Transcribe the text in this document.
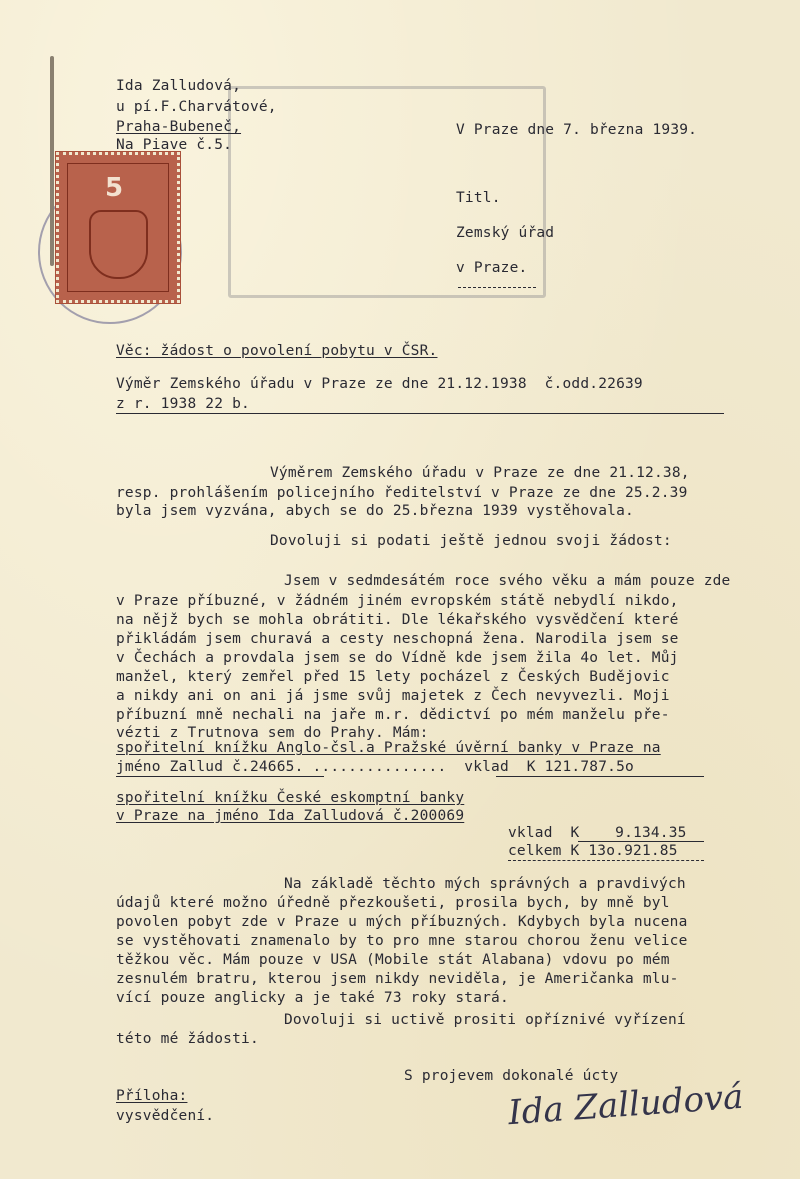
5
Ida Zalludová,
u pí.F.Charvátové,
Praha-Bubeneč,
Na Piave č.5.
V Praze dne 7. března 1939.
Titl.
Zemský úřad
v Praze.
Věc: žádost o povolení pobytu v ČSR.
Výměr Zemského úřadu v Praze ze dne 21.12.1938  č.odd.22639
z r. 1938 22 b.
Výměrem Zemského úřadu v Praze ze dne 21.12.38,
resp. prohlášením policejního ředitelství v Praze ze dne 25.2.39
byla jsem vyzvána, abych se do 25.března 1939 vystěhovala.
Dovoluji si podati ještě jednou svoji žádost:
Jsem v sedmdesátém roce svého věku a mám pouze zde
v Praze příbuzné, v žádném jiném evropském státě nebydlí nikdo,
na nějž bych se mohla obrátiti. Dle lékařského vysvědčení které
přikládám jsem churavá a cesty neschopná žena. Narodila jsem se
v Čechách a provdala jsem se do Vídně kde jsem žila 4o let. Můj
manžel, který zemřel před 15 lety pocházel z Českých Budějovic
a nikdy ani on ani já jsme svůj majetek z Čech nevyvezli. Moji
příbuzní mně nechali na jaře m.r. dědictví po mém manželu pře-
vézti z Trutnova sem do Prahy. Mám:
spořitelní knížku Anglo-čsl.a Pražské úvěrní banky v Praze na
jméno Zallud č.24665. ...............  vklad  K 121.787.5o
spořitelní knížku České eskomptní banky
v Praze na jméno Ida Zalludová č.200069
vklad  K    9.134.35
celkem K 13o.921.85
Na základě těchto mých správných a pravdivých
údajů které možno úředně přezkoušeti, prosila bych, by mně byl
povolen pobyt zde v Praze u mých příbuzných. Kdybych byla nucena
se vystěhovati znamenalo by to pro mne starou chorou ženu velice
těžkou věc. Mám pouze v USA (Mobile stát Alabana) vdovu po mém
zesnulém bratru, kterou jsem nikdy neviděla, je Američanka mlu-
vící pouze anglicky a je také 73 roky stará.
Dovoluji si uctivě prositi opříznivé vyřízení
této mé žádosti.
S projevem dokonalé úcty
Příloha:
vysvědčení.	Ida Zalludová
